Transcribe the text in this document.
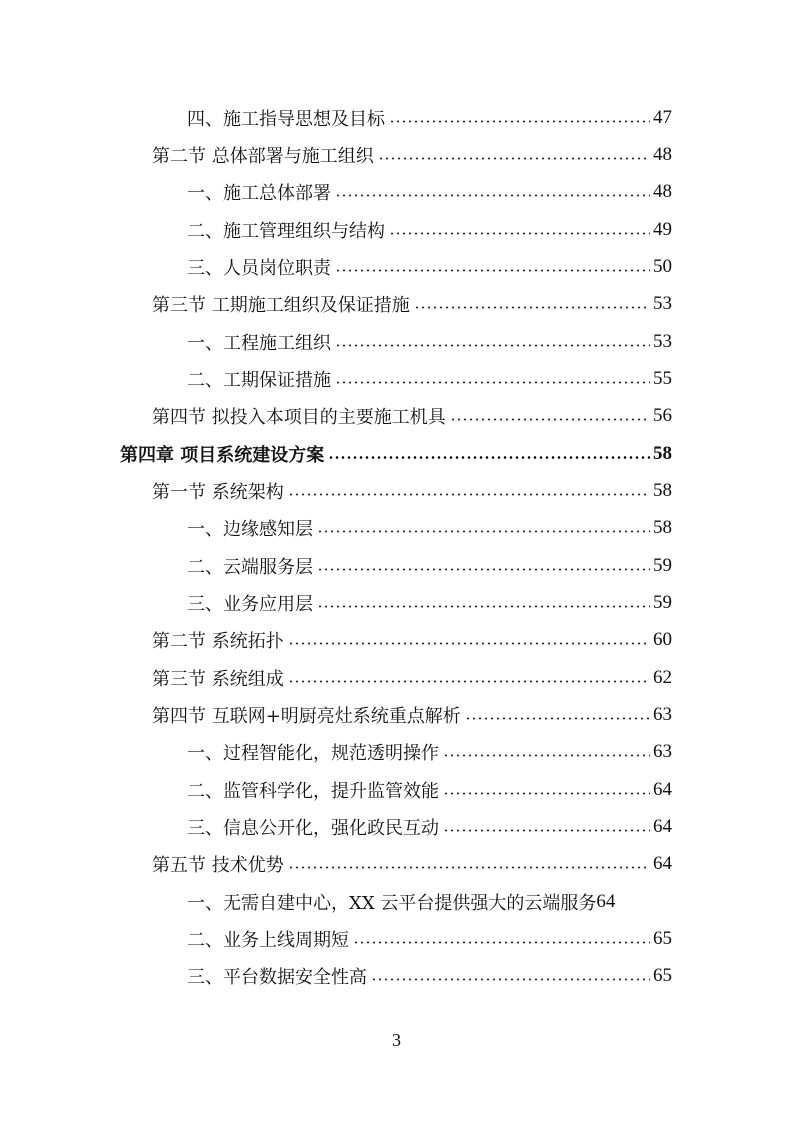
四、施工指导思想及目标	47
第二节 总体部署与施工组织	48
一、施工总体部署	48
二、施工管理组织与结构	49
三、人员岗位职责	50
第三节 工期施工组织及保证措施	53
一、工程施工组织	53
二、工期保证措施	55
第四节 拟投入本项目的主要施工机具	56
第四章 项目系统建设方案	58
第一节 系统架构	58
一、边缘感知层	58
二、云端服务层	59
三、业务应用层	59
第二节 系统拓扑	60
第三节 系统组成	62
第四节 互联网+明厨亮灶系统重点解析	63
一、过程智能化，规范透明操作	63
二、监管科学化，提升监管效能	64
三、信息公开化，强化政民互动	64
第五节 技术优势	64
一、无需自建中心，XX 云平台提供强大的云端服务 64
二、业务上线周期短	65
三、平台数据安全性高	65
3
